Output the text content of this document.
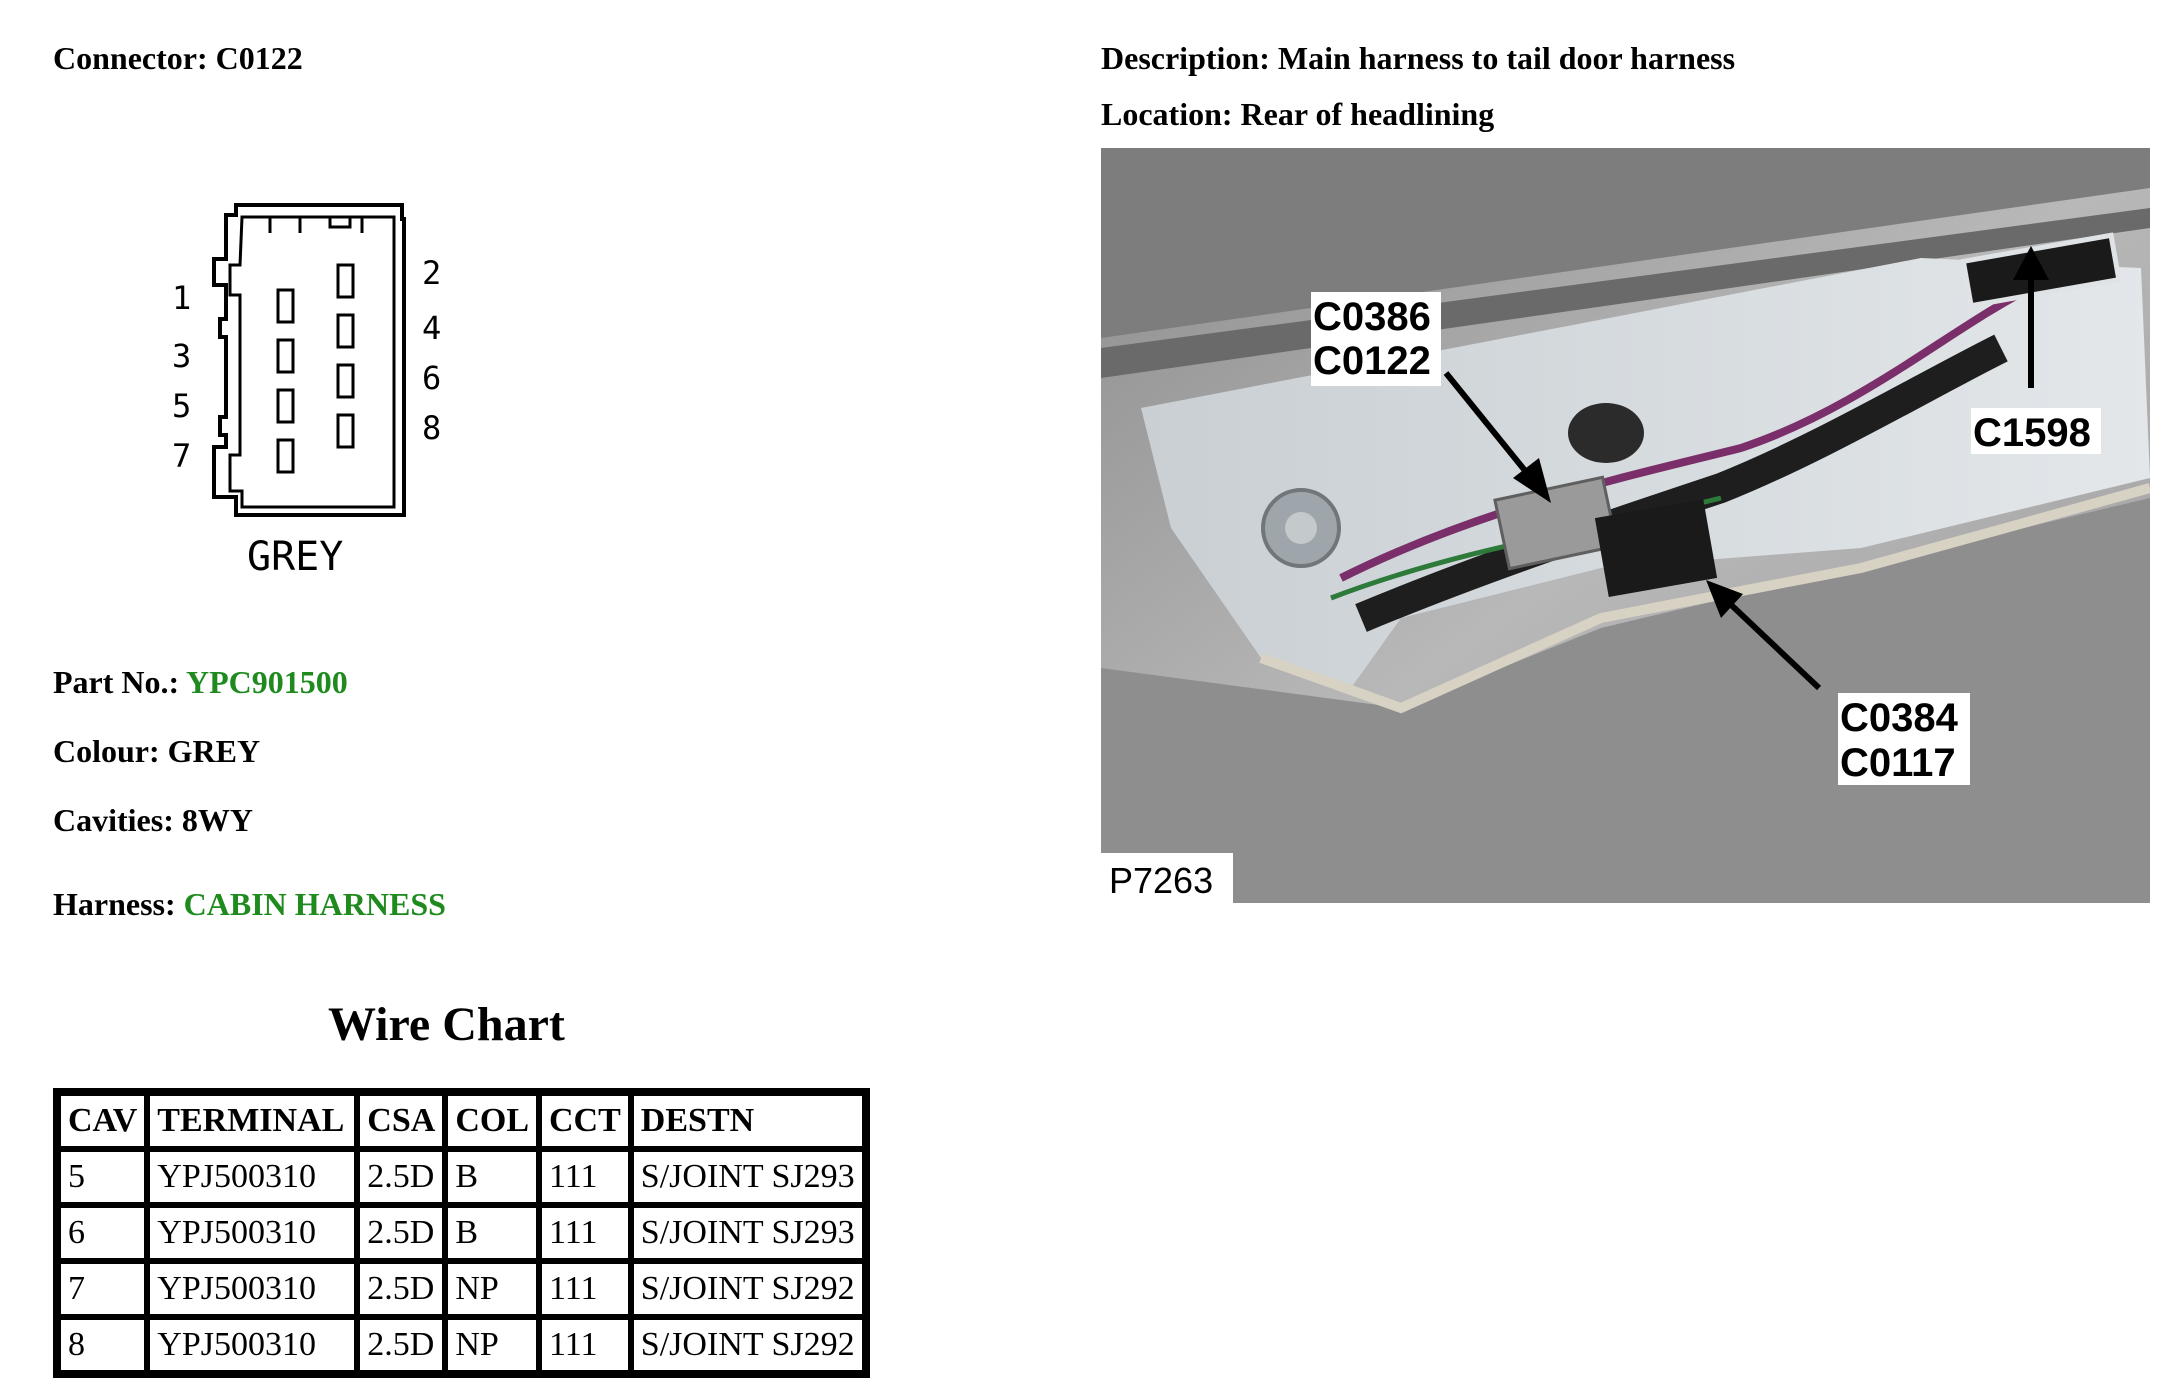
Connector: C0122	Description: Main harness to tail door harness
Location: Rear of headlining
1
3
5
7
2
4
6
8
GREY
Part No.: YPC901500
Colour: GREY
Cavities: 8WY
Harness: CABIN HARNESS
Wire Chart
CAV	TERMINAL	CSA	COL	CCT	DESTN
5	YPJ500310	2.5D	B	111	S/JOINT SJ293
6	YPJ500310	2.5D	B	111	S/JOINT SJ293
7	YPJ500310	2.5D	NP	111	S/JOINT SJ292
8	YPJ500310	2.5D	NP	111	S/JOINT SJ292
C0386
C0122
C1598
C0384
C0117
P7263
